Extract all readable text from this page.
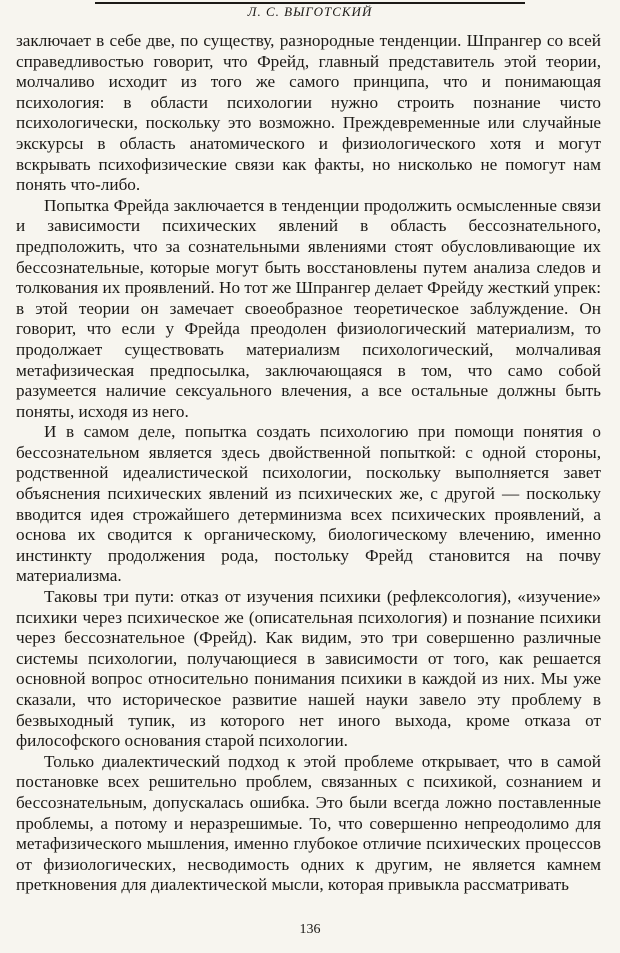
Л. С. ВЫГОТСКИЙ

заключает в себе две, по существу, разнородные тенденции. Шпрангер со всей справедливостью говорит, что Фрейд, главный представитель этой теории, молчаливо исходит из того же самого принципа, что и понимающая психология: в области психологии нужно строить познание чисто психологически, поскольку это возможно. Преждевременные или случайные экскурсы в область анатомического и физиологического хотя и могут вскрывать психофизические связи как факты, но нисколько не помогут нам понять что-либо.

Попытка Фрейда заключается в тенденции продолжить осмысленные связи и зависимости психических явлений в область бессознательного, предположить, что за сознательными явлениями стоят обусловливающие их бессознательные, которые могут быть восстановлены путем анализа следов и толкования их проявлений. Но тот же Шпрангер делает Фрейду жесткий упрек: в этой теории он замечает своеобразное теоретическое заблуждение. Он говорит, что если у Фрейда преодолен физиологический материализм, то продолжает существовать материализм психологический, молчаливая метафизическая предпосылка, заключающаяся в том, что само собой разумеется наличие сексуального влечения, а все остальные должны быть поняты, исходя из него.

И в самом деле, попытка создать психологию при помощи понятия о бессознательном является здесь двойственной попыткой: с одной стороны, родственной идеалистической психологии, поскольку выполняется завет объяснения психических явлений из психических же, с другой — поскольку вводится идея строжайшего детерминизма всех психических проявлений, а основа их сводится к органическому, биологическому влечению, именно инстинкту продолжения рода, постольку Фрейд становится на почву материализма.

Таковы три пути: отказ от изучения психики (рефлексология), «изучение» психики через психическое же (описательная психология) и познание психики через бессознательное (Фрейд). Как видим, это три совершенно различные системы психологии, получающиеся в зависимости от того, как решается основной вопрос относительно понимания психики в каждой из них. Мы уже сказали, что историческое развитие нашей науки завело эту проблему в безвыходный тупик, из которого нет иного выхода, кроме отказа от философского основания старой психологии.

Только диалектический подход к этой проблеме открывает, что в самой постановке всех решительно проблем, связанных с психикой, сознанием и бессознательным, допускалась ошибка. Это были всегда ложно поставленные проблемы, а потому и неразрешимые. То, что совершенно непреодолимо для метафизического мышления, именно глубокое отличие психических процессов от физиологических, несводимость одних к другим, не является камнем преткновения для диалектической мысли, которая привыкла рассматривать

136
